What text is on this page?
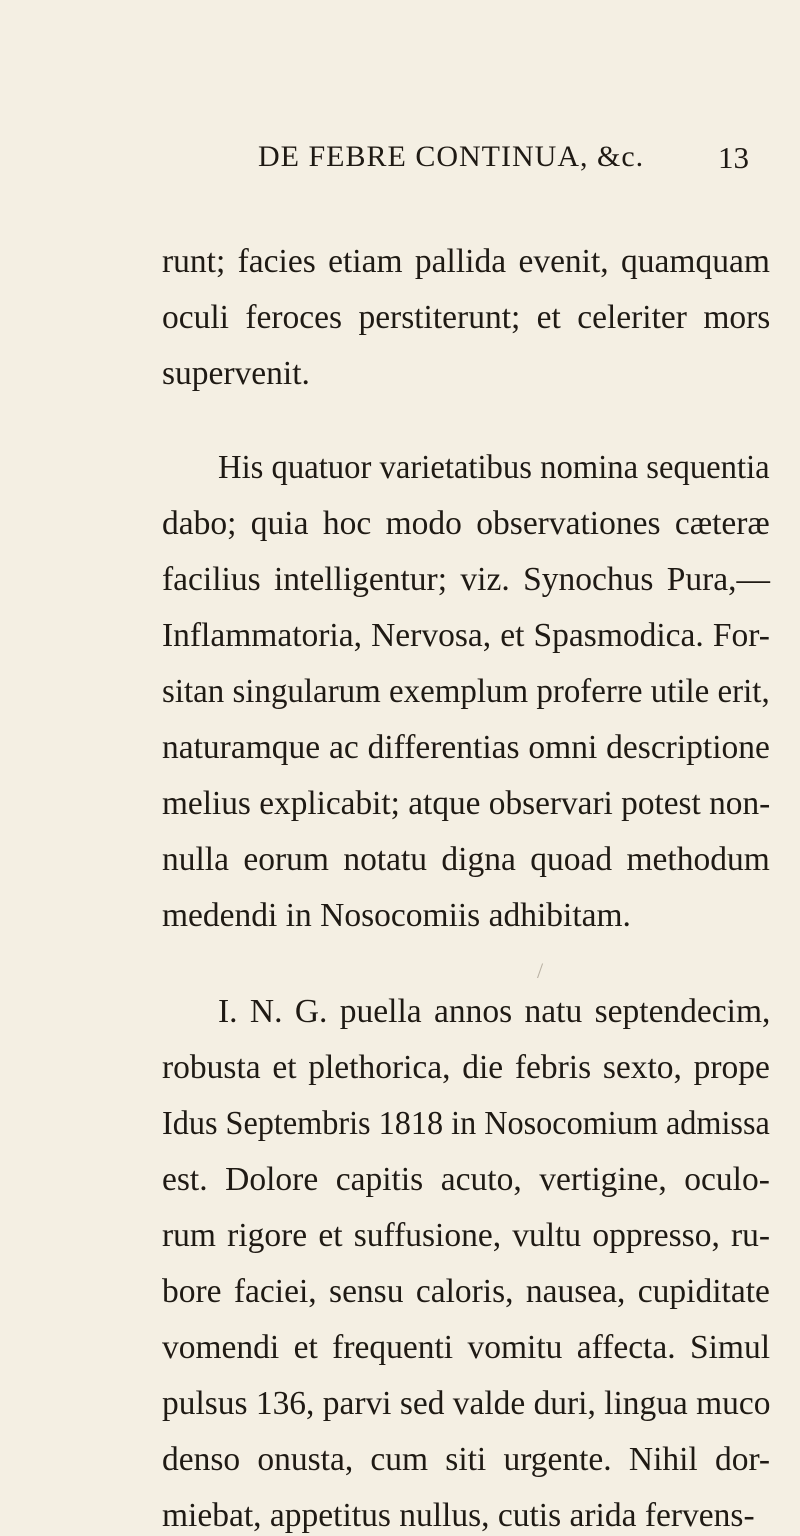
DE FEBRE CONTINUA, &c. 13
runt; facies etiam pallida evenit, quamquam
oculi feroces perstiterunt; et celeriter mors
supervenit.
His quatuor varietatibus nomina sequentia
dabo; quia hoc modo observationes cæteræ
facilius intelligentur; viz. Synochus Pura,—
Inflammatoria, Nervosa, et Spasmodica. For-
sitan singularum exemplum proferre utile erit,
naturamque ac differentias omni descriptione
melius explicabit; atque observari potest non-
nulla eorum notatu digna quoad methodum
medendi in Nosocomiis adhibitam.
/
I. N. G. puella annos natu septendecim,
robusta et plethorica, die febris sexto, prope
Idus Septembris 1818 in Nosocomium admissa
est. Dolore capitis acuto, vertigine, oculo-
rum rigore et suffusione, vultu oppresso, ru-
bore faciei, sensu caloris, nausea, cupiditate
vomendi et frequenti vomitu affecta. Simul
pulsus 136, parvi sed valde duri, lingua muco
denso onusta, cum siti urgente. Nihil dor-
miebat, appetitus nullus, cutis arida fervens-
